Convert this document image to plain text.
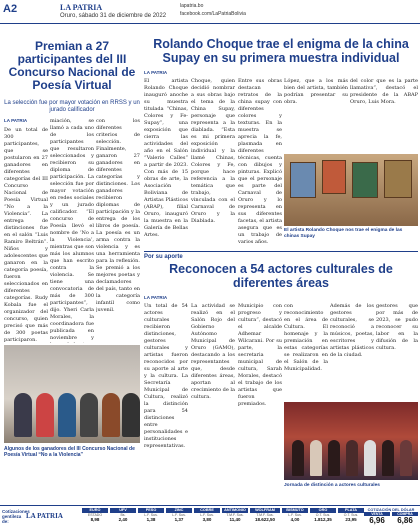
A2	LA PATRIA
Oruro, sábado 31 de diciembre de 2022
lapatria.bo
facebook.com/LaPatriaBolivia
Premian a 27 participantes del III Concurso Nacional de Poesía Virtual

La selección fue por mayor votación en RRSS y un jurado calificador

LA PATRIA

De un total de 300 participantes, que se postularon en 27 ganadores en diferentes categorías del III Concurso Nacional de Poesía Virtual “No a la Violencia”. La entrega de distinciones fue en el salón “Luis Ramiro Beltrán”. Niños y adolescentes que ganaron en la categoría poesía, fueron seleccionados en diferentes categorías. Rudy Kobala fue el organizador del concurso, quien precisó que más de 300 poetas participaron.

miación, se llamó a cada uno de los participantes que resultaron seleccionados y recibieron su diploma de participación. La selección fue por mayor votación en redes sociales y un jurado calificador. “El concurso de Poesía llevó el nombre de ‘No a la Violencia’, mientras que son más los alumnos que han escrito contra la violencia. Se tiene una convocatoria de más de 300 participantes”, dijo. Yheri Carla Morales, la coordinadora fue publicada en noviembre y

con los diferentes criterios de selección. Finalmente, ganaron 27 ganadores en diferentes categorías y distinciones. Los ganadores recibieron diplomas de participación y la entrega de los libros de poesía. La poesía es un arma contra la violencia y es una herramienta para la reflexión. Se premió a los mejores poetas y declamadores del país, tanto en la categoría infantil como juvenil.

Algunos de los ganadores del III Concurso Nacional de Poesía Virtual “No a la Violencia”

Rolando Choque trae el enigma de la china Supay en su primera muestra individual
LA PATRIA

El artista Rolando Choque inauguró anoche su muestra titulada “Chinas, Colores y Fe-Supay”, una exposición que cierra las actividades del año en el Salón “Valerio Calles” a partir de 2023. Con más de 15 obras de arte, la Asociación Boliviana de Artistas Plásticos (ABAP), filial Oruro, inauguró la muestra en la Galería de Bellas Artes.

Choque, quien decidió nombrar a sus obras bajo el tema de la China Supay, personaje que representa a la diablada. “Esta es mi primera exposición individual y la llamé Chinas, Colores y Fe, porque hace referencia a la temática que trabajo, vinculada con el Carnaval de Oruro y la Diablada.

Entre sus obras destacan retratos de la china supay con diferentes colores y texturas. En la muestra se aprecia la fe, plasmada en diferentes técnicas, cuenta con dibujos y pinturas. Explicó que el personaje es parte del Carnaval de Oruro y lo representa en sus diferentes facetas, el artista asegura que es un trabajo de varios años.

López, que a los más bien del artista, también podrían presentar su obra.

del color que es la parte llamativa”, destacó el presidente de la ABAP Oruro, Luis Mora.

El artista Rolando Choque nos trae el enigma de las chinas Supay

Por su aporte
Reconocen a 54 actores culturales de diferentes áreas
LA PATRIA

Un total de 54 actores culturales recibieron distinciones, gestores culturales y artistas fueron reconocidos por su aporte al arte y la cultura. La Secretaría Municipal de Cultura, realizó la distinción para 54 distinciones entre personalidades e instituciones representativas.

La actividad se realizó en el Salón Rojo del Gobierno Autónomo Municipal de Oruro (GAMO), destacando a los representantes que, desde diferentes áreas, aportan al crecimiento de la cultura.

Municipio con progreso y cultura”, destacó el alcalde Adhemar Wilcarani. Por su parte, la secretaria municipal de cultura, Sarah Morales, destacó el trabajo de los artistas que fueron premiados.

con reconocimiento en el área de Cultura. El homenaje y la premiación en estas categorías se realizaron en el Salón de la Municipalidad.

Además de los gestores culturales, se reconoció a músicos, poetas, escritores y artistas plásticos de la ciudad.

gestores que por más de 2023, se pudo reconocer su labor en la difusión de la cultura.

Jornada de distinción a actores culturales

Cotizaciones gentileza de:
LA PATRIA
EURO
ESTADO
8,98
UFV
Bs.
2,40
PESO
L.F. Sus.
1,38
ZINC
L.F. Sus.
1,37
COBRE
L.F. Sus.
3,80
ANTIMONIO
T.M.F. Sus.
11,40
WOLFRAM
T.M.F. Sus.
18.622,50
BISMUTO
L.F. Sus.
4,00
ORO
O.T. Sus.
1.812,35
PLATA
O.T. Sus.
23,95
COTIZACIÓN DEL DÓLAR
VENTA
6,96
COMPRA
6,86
